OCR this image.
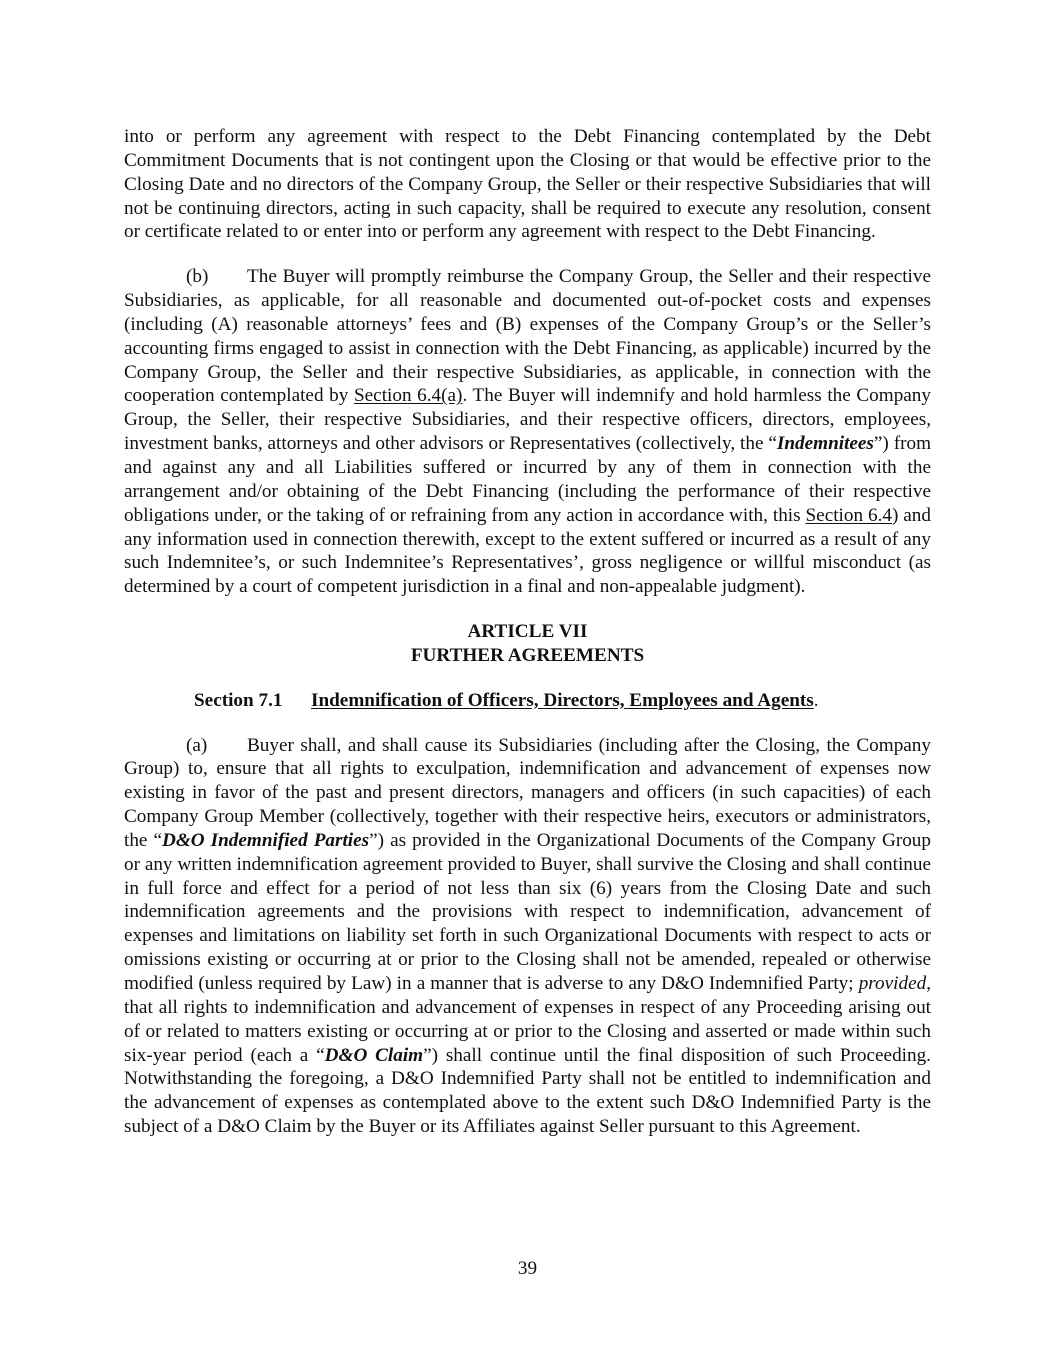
into or perform any agreement with respect to the Debt Financing contemplated by the Debt Commitment Documents that is not contingent upon the Closing or that would be effective prior to the Closing Date and no directors of the Company Group, the Seller or their respective Subsidiaries that will not be continuing directors, acting in such capacity, shall be required to execute any resolution, consent or certificate related to or enter into or perform any agreement with respect to the Debt Financing.

(b) The Buyer will promptly reimburse the Company Group, the Seller and their respective Subsidiaries, as applicable, for all reasonable and documented out-of-pocket costs and expenses (including (A) reasonable attorneys’ fees and (B) expenses of the Company Group’s or the Seller’s accounting firms engaged to assist in connection with the Debt Financing, as applicable) incurred by the Company Group, the Seller and their respective Subsidiaries, as applicable, in connection with the cooperation contemplated by Section 6.4(a). The Buyer will indemnify and hold harmless the Company Group, the Seller, their respective Subsidiaries, and their respective officers, directors, employees, investment banks, attorneys and other advisors or Representatives (collectively, the “Indemnitees”) from and against any and all Liabilities suffered or incurred by any of them in connection with the arrangement and/or obtaining of the Debt Financing (including the performance of their respective obligations under, or the taking of or refraining from any action in accordance with, this Section 6.4) and any information used in connection therewith, except to the extent suffered or incurred as a result of any such Indemnitee’s, or such Indemnitee’s Representatives’, gross negligence or willful misconduct (as determined by a court of competent jurisdiction in a final and non-appealable judgment).

ARTICLE VII
FURTHER AGREEMENTS
Section 7.1 Indemnification of Officers, Directors, Employees and Agents.

(a) Buyer shall, and shall cause its Subsidiaries (including after the Closing, the Company Group) to, ensure that all rights to exculpation, indemnification and advancement of expenses now existing in favor of the past and present directors, managers and officers (in such capacities) of each Company Group Member (collectively, together with their respective heirs, executors or administrators, the “D&O Indemnified Parties”) as provided in the Organizational Documents of the Company Group or any written indemnification agreement provided to Buyer, shall survive the Closing and shall continue in full force and effect for a period of not less than six (6) years from the Closing Date and such indemnification agreements and the provisions with respect to indemnification, advancement of expenses and limitations on liability set forth in such Organizational Documents with respect to acts or omissions existing or occurring at or prior to the Closing shall not be amended, repealed or otherwise modified (unless required by Law) in a manner that is adverse to any D&O Indemnified Party; provided, that all rights to indemnification and advancement of expenses in respect of any Proceeding arising out of or related to matters existing or occurring at or prior to the Closing and asserted or made within such six-year period (each a “D&O Claim”) shall continue until the final disposition of such Proceeding. Notwithstanding the foregoing, a D&O Indemnified Party shall not be entitled to indemnification and the advancement of expenses as contemplated above to the extent such D&O Indemnified Party is the subject of a D&O Claim by the Buyer or its Affiliates against Seller pursuant to this Agreement.

39
